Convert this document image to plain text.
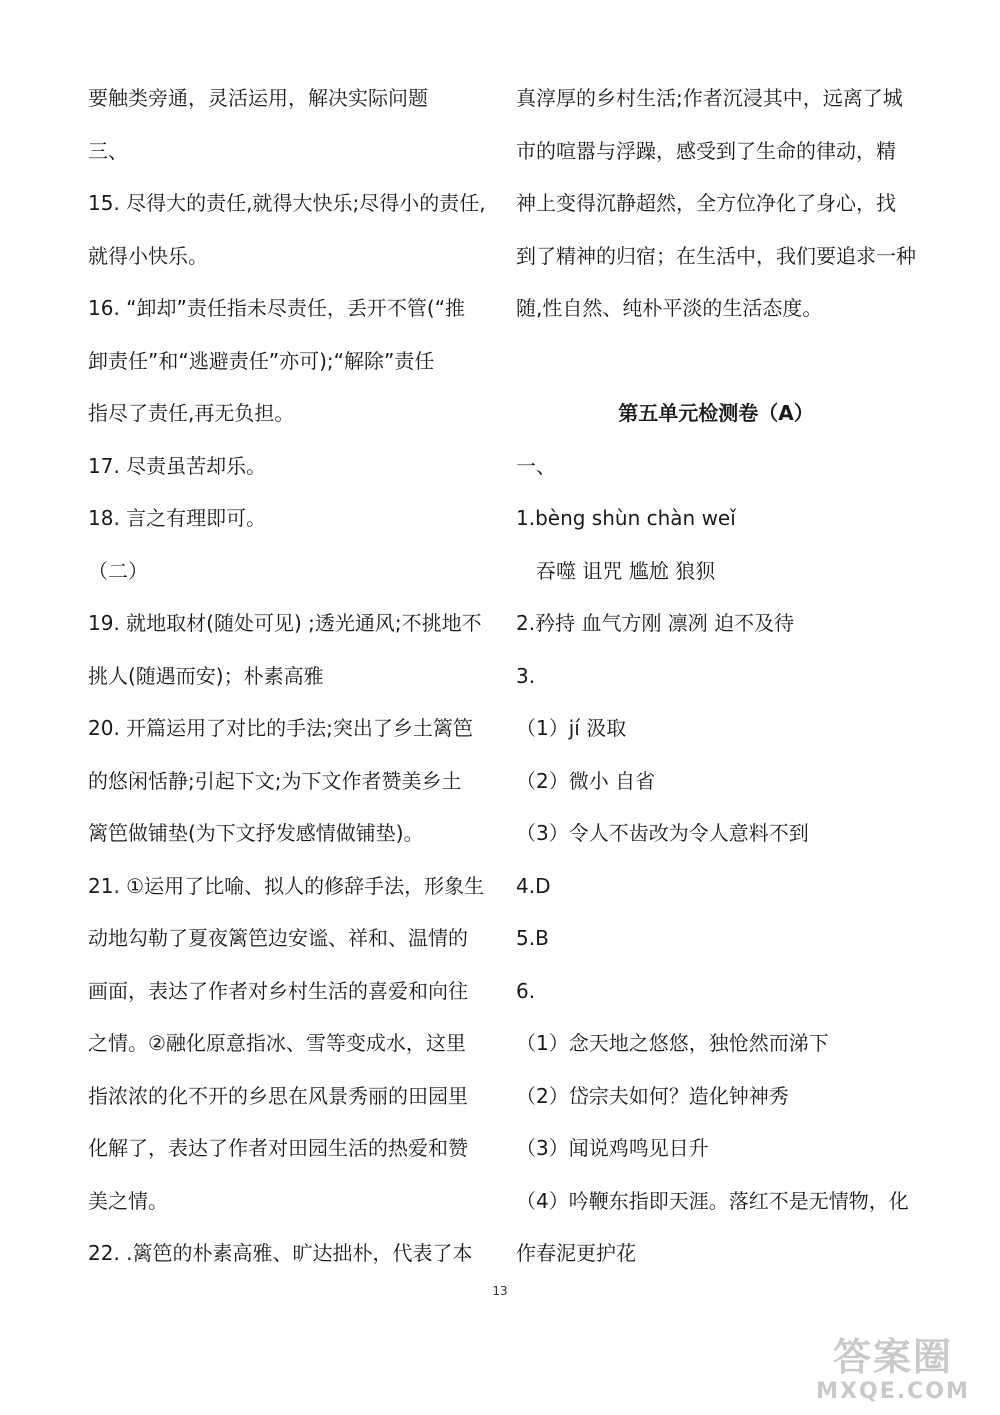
要触类旁通，灵活运用，解决实际问题
三、
15. 尽得大的责任,就得大快乐;尽得小的责任,
就得小快乐。
16. “卸却”责任指未尽责任，丢开不管(“推
卸责任”和“逃避责任”亦可);“解除”责任
指尽了责任,再无负担。
17. 尽责虽苦却乐。
18. 言之有理即可。
（二）
19. 就地取材(随处可见) ;透光通风;不挑地不
挑人(随遇而安)；朴素高雅
20. 开篇运用了对比的手法;突出了乡土篱笆
的悠闲恬静;引起下文;为下文作者赞美乡土
篱笆做铺垫(为下文抒发感情做铺垫)。
21. ①运用了比喻、拟人的修辞手法，形象生
动地勾勒了夏夜篱笆边安谧、祥和、温情的
画面，表达了作者对乡村生活的喜爱和向往
之情。②融化原意指冰、雪等变成水，这里
指浓浓的化不开的乡思在风景秀丽的田园里
化解了，表达了作者对田园生活的热爱和赞
美之情。
22. .篱笆的朴素高雅、旷达拙朴，代表了本
真淳厚的乡村生活;作者沉浸其中，远离了城
市的喧嚣与浮躁，感受到了生命的律动，精
神上变得沉静超然，全方位净化了身心，找
到了精神的归宿；在生活中，我们要追求一种
随,性自然、纯朴平淡的生活态度。
第五单元检测卷（A）
一、
1.bèng shùn chàn weǐ
吞噬 诅咒 尴尬 狼狈
2.矜持 血气方刚 凛冽 迫不及待
3.
（1）jí 汲取
（2）微小 自省
（3）令人不齿改为令人意料不到
4.D
5.B
6.
（1）念天地之悠悠，独怆然而涕下
（2）岱宗夫如何？造化钟神秀
（3）闻说鸡鸣见日升
（4）吟鞭东指即天涯。落红不是无情物，化
作春泥更护花
13
答案圈
MXQE.COM
